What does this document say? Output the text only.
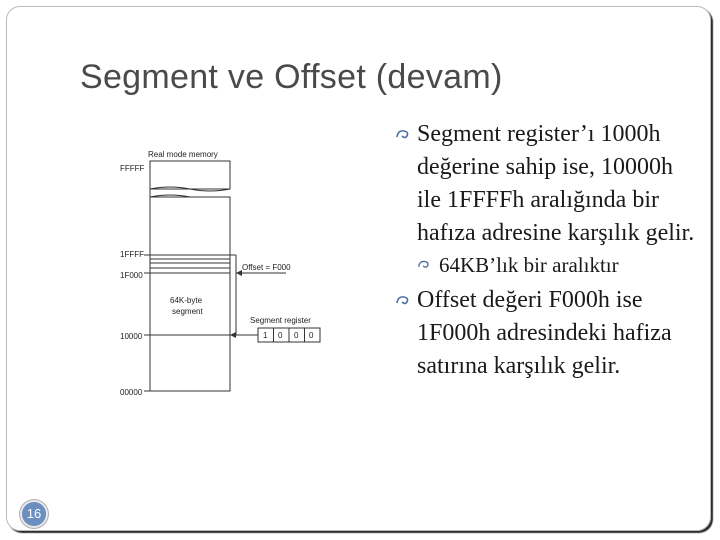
Segment ve Offset (devam)
Real mode memory
FFFFF
1FFFF
1F000
10000
00000
64K-byte
segment
Offset = F000
Segment register
1 0 0 0

Segment register’ı 1000h değerine sahip ise, 10000h ile 1FFFFh aralığında bir hafıza adresine karşılık gelir.

64KB’lık bir aralıktır

Offset değeri F000h ise 1F000h adresindeki hafiza satırına karşılık gelir.

16
